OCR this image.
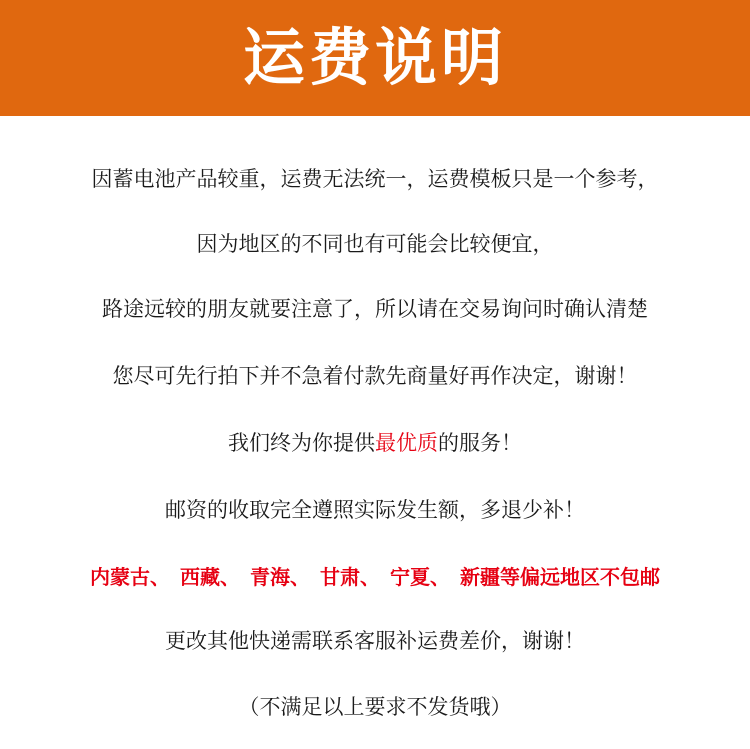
运费说明
因蓄电池产品较重，运费无法统一，运费模板只是一个参考，
因为地区的不同也有可能会比较便宜，
路途远较的朋友就要注意了，所以请在交易询问时确认清楚
您尽可先行拍下并不急着付款先商量好再作决定，谢谢！
我们终为你提供最优质的服务！
邮资的收取完全遵照实际发生额，多退少补！
内蒙古、 西藏、 青海、 甘肃、 宁夏、 新疆等偏远地区不包邮
更改其他快递需联系客服补运费差价，谢谢！
（不满足以上要求不发货哦）
